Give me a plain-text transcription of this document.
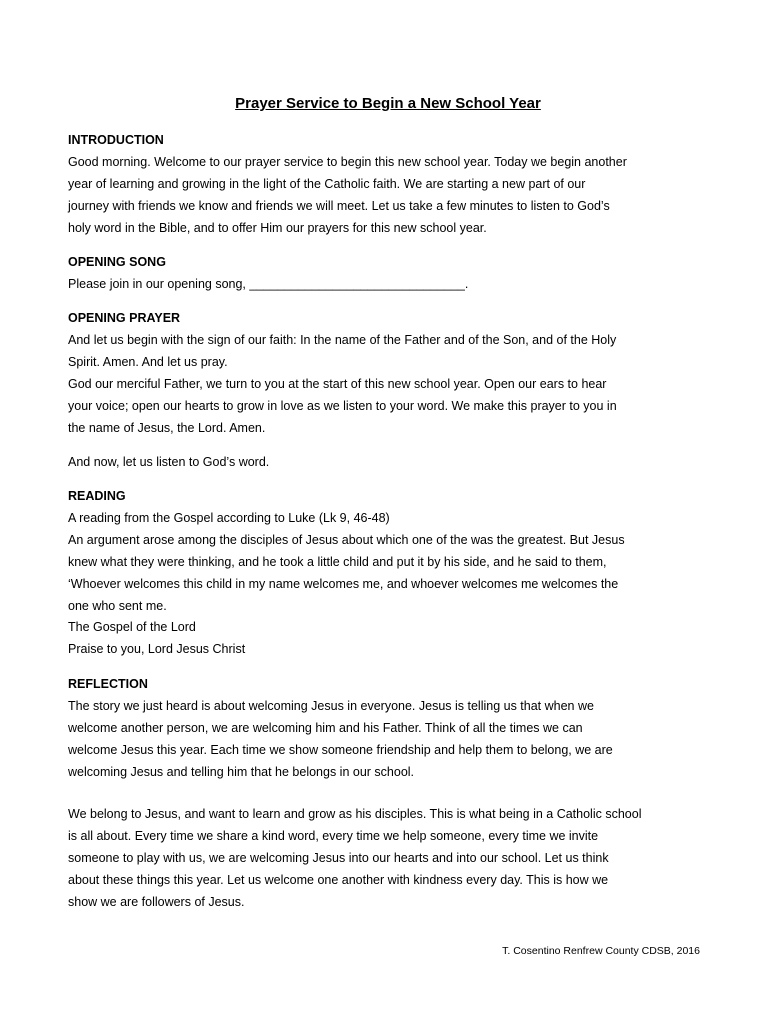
Prayer Service to Begin a New School Year
INTRODUCTION
Good morning. Welcome to our prayer service to begin this new school year. Today we begin another
year of learning and growing in the light of the Catholic faith. We are starting a new part of our
journey with friends we know and friends we will meet. Let us take a few minutes to listen to God’s
holy word in the Bible, and to offer Him our prayers for this new school year.
OPENING SONG
Please join in our opening song, _______________________________.
OPENING PRAYER
And let us begin with the sign of our faith: In the name of the Father and of the Son, and of the Holy
Spirit. Amen. And let us pray.
God our merciful Father, we turn to you at the start of this new school year. Open our ears to hear
your voice; open our hearts to grow in love as we listen to your word. We make this prayer to you in
the name of Jesus, the Lord. Amen.
And now, let us listen to God’s word.
READING
A reading from the Gospel according to Luke (Lk 9, 46-48)
An argument arose among the disciples of Jesus about which one of the was the greatest. But Jesus
knew what they were thinking, and he took a little child and put it by his side, and he said to them,
‘Whoever welcomes this child in my name welcomes me, and whoever welcomes me welcomes the
one who sent me.
The Gospel of the Lord
Praise to you, Lord Jesus Christ
REFLECTION
The story we just heard is about welcoming Jesus in everyone. Jesus is telling us that when we
welcome another person, we are welcoming him and his Father. Think of all the times we can
welcome Jesus this year. Each time we show someone friendship and help them to belong, we are
welcoming Jesus and telling him that he belongs in our school.
We belong to Jesus, and want to learn and grow as his disciples. This is what being in a Catholic school
is all about. Every time we share a kind word, every time we help someone, every time we invite
someone to play with us, we are welcoming Jesus into our hearts and into our school. Let us think
about these things this year. Let us welcome one another with kindness every day. This is how we
show we are followers of Jesus.
T. Cosentino Renfrew County CDSB, 2016
